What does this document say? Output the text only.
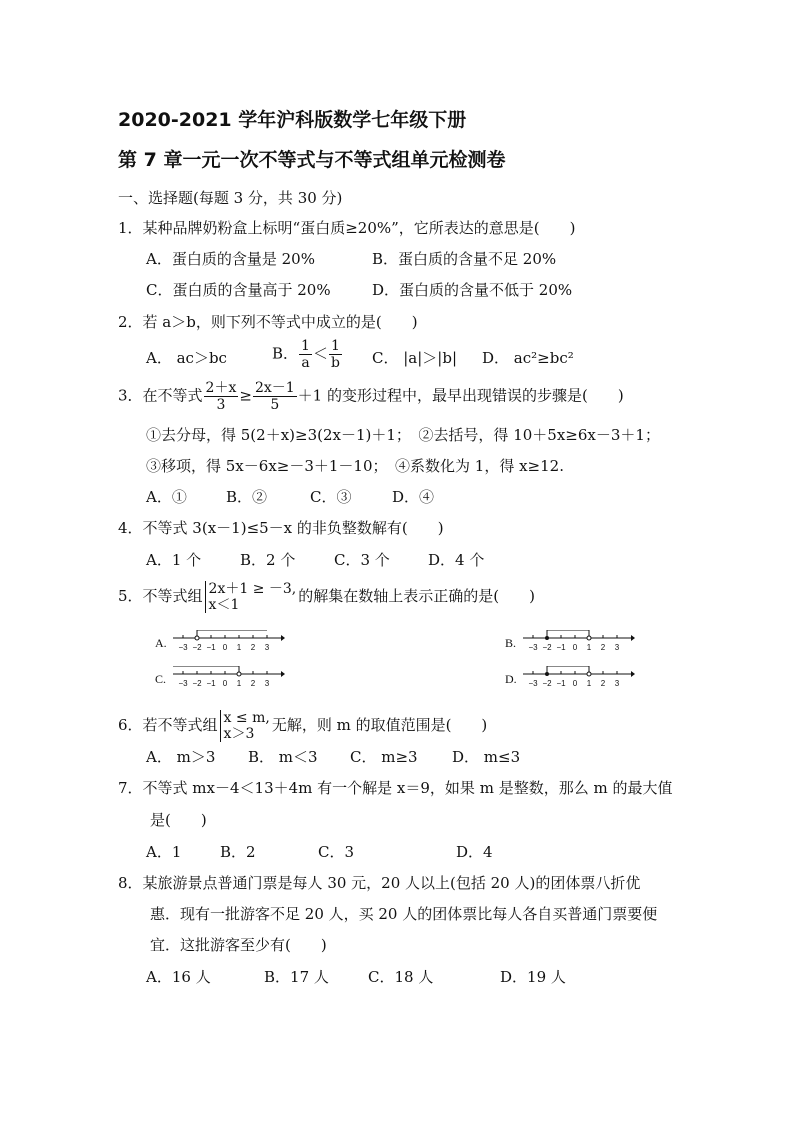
2020-2021 学年沪科版数学七年级下册
第 7 章一元一次不等式与不等式组单元检测卷
一、选择题(每题 3 分，共 30 分)
1．某种品牌奶粉盒上标明“蛋白质≥20%”，它所表达的意思是(　　)
A．蛋白质的含量是 20%	B．蛋白质的含量不足 20%
C．蛋白质的含量高于 20%	D．蛋白质的含量不低于 20%
2．若 a＞b，则下列不等式中成立的是(　　)
A． ac＞bc	B． $\frac{1}{a} < \frac{1}{b}$ C． |a|＞|b| D． ac²≥bc²
3．在不等式 $\frac{2+x}{3} \ge \frac{2x-1}{5} +1$ 的变形过程中，最早出现错误的步骤是(　　)
①去分母，得 5(2＋x)≥3(2x－1)＋1；　②去括号，得 10＋5x≥6x－3＋1；
③移项，得 5x－6x≥－3＋1－10；　④系数化为 1，得 x≥12.
A．①	B．②	C．③	D．④
4．不等式 3(x－1)≤5－x 的非负整数解有(　　)
A．1 个	B．2 个	C．3 个	D．4 个
5．不等式组 2x＋1 ≥ －3,
x＜1	的解集在数轴上表示正确的是(　　)
A. −3 −2 −1 0 1 2 3	B. −3 −2 −1 0 1 2 3
C. −3 −2 −1 0 1 2 3	D. −3 −2 −1 0 1 2 3
6．若不等式组 x ≤ m,
x＞3	无解，则 m 的取值范围是(　　)
A． m＞3 B． m＜3 C． m≥3 D． m≤3
7．不等式 mx－4＜13＋4m 有一个解是 x＝9，如果 m 是整数，那么 m 的最大值
是(　　)
A．1	B．2	C．3	D．4
8．某旅游景点普通门票是每人 30 元，20 人以上(包括 20 人)的团体票八折优
惠．现有一批游客不足 20 人，买 20 人的团体票比每人各自买普通门票要便
宜．这批游客至少有(　　)
A．16 人	B．17 人	C．18 人	D．19 人
